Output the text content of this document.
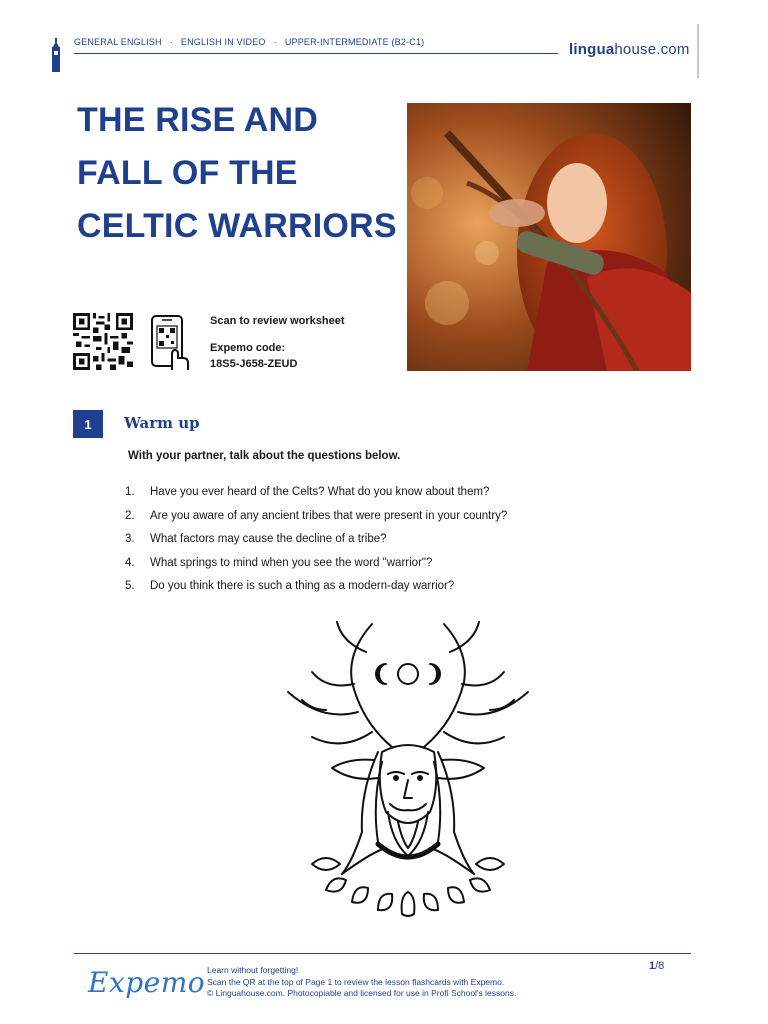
GENERAL ENGLISH · ENGLISH IN VIDEO · UPPER-INTERMEDIATE (B2-C1)	linguahouse.com
THE RISE AND
FALL OF THE
CELTIC WARRIORS
Scan to review worksheet
Expemo code:
18S5-J658-ZEUD
1	Warm up
With your partner, talk about the questions below.
1.	Have you ever heard of the Celts? What do you know about them?
2.	Are you aware of any ancient tribes that were present in your country?
3.	What factors may cause the decline of a tribe?
4.	What springs to mind when you see the word "warrior"?
5.	Do you think there is such a thing as a modern-day warrior?
Expemo Learn without forgetting!
Scan the QR at the top of Page 1 to review the lesson flashcards with Expemo.
© Linguahouse.com. Photocopiable and licensed for use in Profi School's lessons.
1/8
